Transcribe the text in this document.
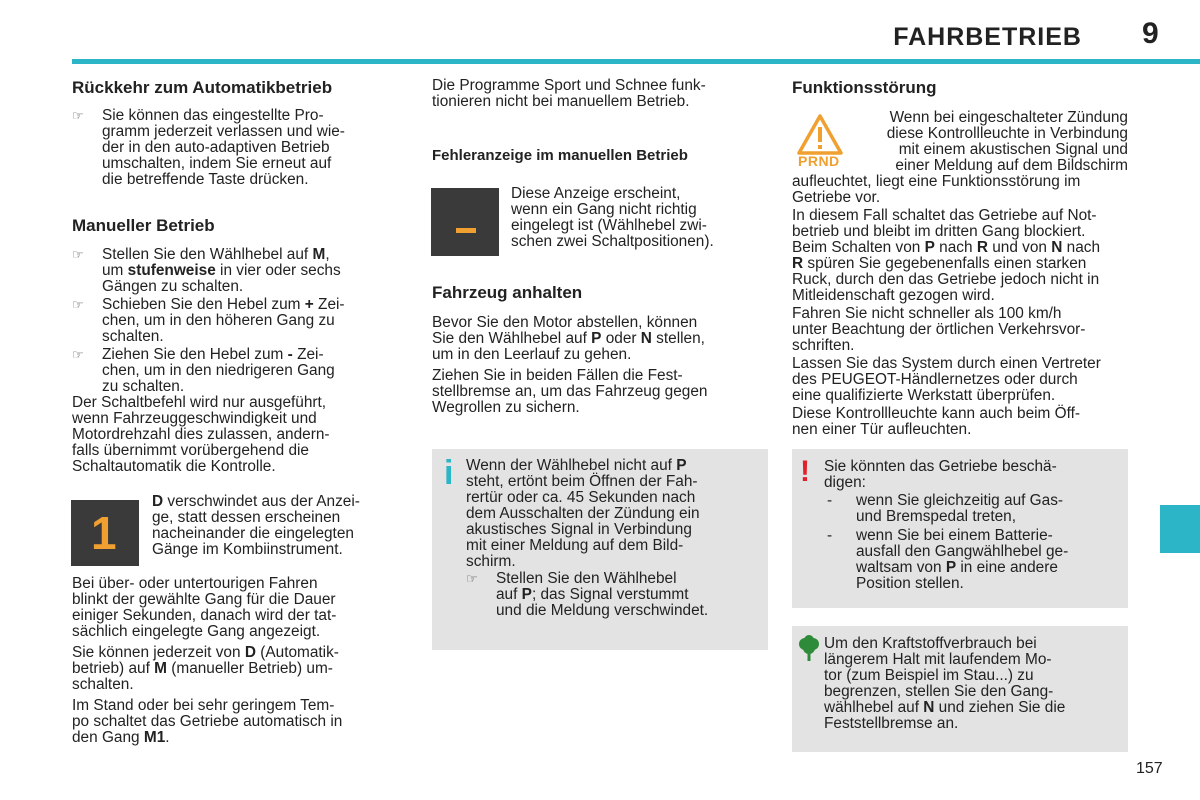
FAHRBETRIEB 9
Rückkehr zum Automatikbetrieb
☞ Sie können das eingestellte Pro-
gramm jederzeit verlassen und wie-
der in den auto-adaptiven Betrieb
umschalten, indem Sie erneut auf
die betreffende Taste drücken.
Manueller Betrieb
☞ Stellen Sie den Wählhebel auf M,
um stufenweise in vier oder sechs
Gängen zu schalten.
☞ Schieben Sie den Hebel zum + Zei-
chen, um in den höheren Gang zu
schalten.
☞ Ziehen Sie den Hebel zum - Zei-
chen, um in den niedrigeren Gang
zu schalten.

Der Schaltbefehl wird nur ausgeführt,
wenn Fahrzeuggeschwindigkeit und
Motordrehzahl dies zulassen, andern-
falls übernimmt vorübergehend die
Schaltautomatik die Kontrolle.

1

D verschwindet aus der Anzei-
ge, statt dessen erscheinen
nacheinander die eingelegten
Gänge im Kombiinstrument.

Bei über- oder untertourigen Fahren
blinkt der gewählte Gang für die Dauer
einiger Sekunden, danach wird der tat-
sächlich eingelegte Gang angezeigt.

Sie können jederzeit von D (Automatik-
betrieb) auf M (manueller Betrieb) um-
schalten.

Im Stand oder bei sehr geringem Tem-
po schaltet das Getriebe automatisch in
den Gang M1.

Die Programme Sport und Schnee funk-
tionieren nicht bei manuellem Betrieb.

Fehleranzeige im manuellen Betrieb

Diese Anzeige erscheint,
wenn ein Gang nicht richtig
eingelegt ist (Wählhebel zwi-
schen zwei Schaltpositionen).

Fahrzeug anhalten

Bevor Sie den Motor abstellen, können
Sie den Wählhebel auf P oder N stellen,
um in den Leerlauf zu gehen.

Ziehen Sie in beiden Fällen die Fest-
stellbremse an, um das Fahrzeug gegen
Wegrollen zu sichern.

i Wenn der Wählhebel nicht auf P
steht, ertönt beim Öffnen der Fah-
rertür oder ca. 45 Sekunden nach
dem Ausschalten der Zündung ein
akustisches Signal in Verbindung
mit einer Meldung auf dem Bild-
schirm.

☞ Stellen Sie den Wählhebel
auf P; das Signal verstummt
und die Meldung verschwindet.
Funktionsstörung
PRND
Wenn bei eingeschalteter Zündung
diese Kontrollleuchte in Verbindung
mit einem akustischen Signal und
einer Meldung auf dem Bildschirm

aufleuchtet, liegt eine Funktionsstörung im
Getriebe vor.

In diesem Fall schaltet das Getriebe auf Not-
betrieb und bleibt im dritten Gang blockiert.
Beim Schalten von P nach R und von N nach
R spüren Sie gegebenenfalls einen starken
Ruck, durch den das Getriebe jedoch nicht in
Mitleidenschaft gezogen wird.

Fahren Sie nicht schneller als 100 km/h
unter Beachtung der örtlichen Verkehrsvor-
schriften.

Lassen Sie das System durch einen Vertreter
des PEUGEOT-Händlernetzes oder durch
eine qualifizierte Werkstatt überprüfen.

Diese Kontrollleuchte kann auch beim Öff-
nen einer Tür aufleuchten.

! Sie könnten das Getriebe beschä-
digen:

- wenn Sie gleichzeitig auf Gas-
und Bremspedal treten,
- wenn Sie bei einem Batterie-
ausfall den Gangwählhebel ge-
waltsam von P in eine andere
Position stellen.

Um den Kraftstoffverbrauch bei
längerem Halt mit laufendem Mo-
tor (zum Beispiel im Stau...) zu
begrenzen, stellen Sie den Gang-
wählhebel auf N und ziehen Sie die
Feststellbremse an.

157
